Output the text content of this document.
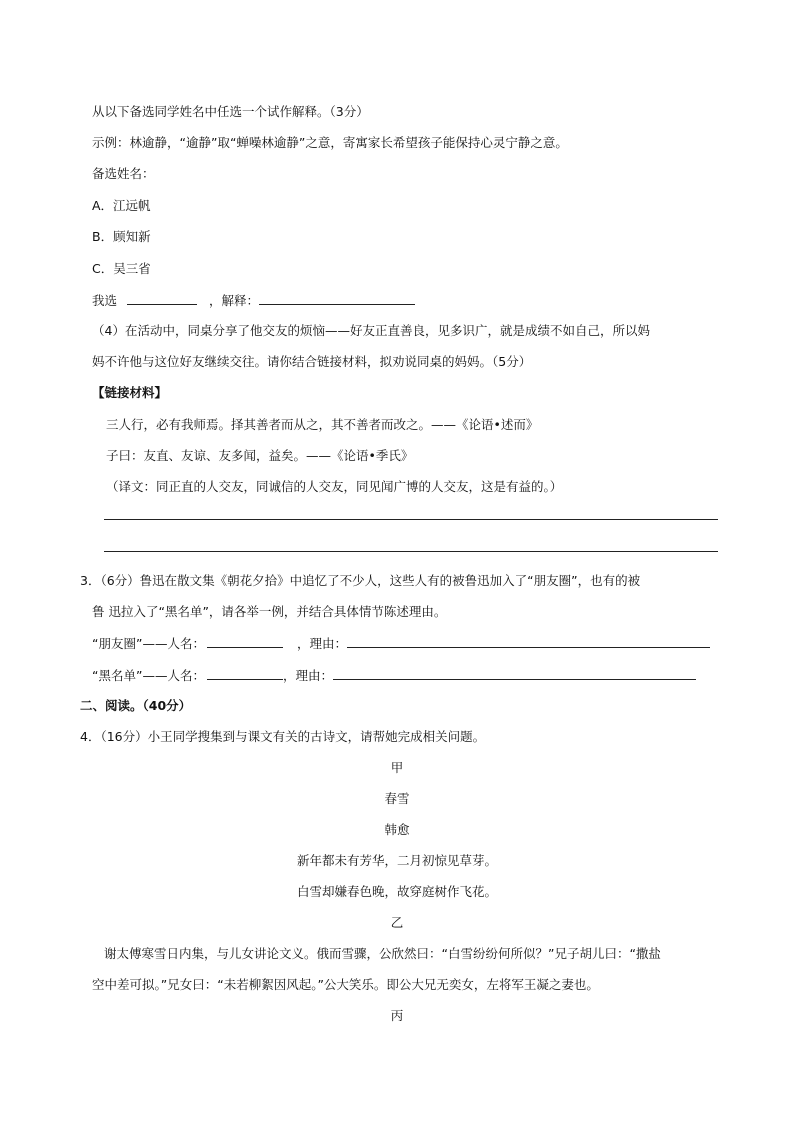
从以下备选同学姓名中任选一个试作解释。（3分）
示例：林逾静，“逾静”取“蝉噪林逾静”之意，寄寓家长希望孩子能保持心灵宁静之意。
备选姓名：
A．江远帆
B．顾知新
C．吴三省
我选	，解释：
（4）在活动中，同桌分享了他交友的烦恼——好友正直善良，见多识广，就是成绩不如自己，所以妈
妈不许他与这位好友继续交往。请你结合链接材料，拟劝说同桌的妈妈。（5分）
【链接材料】
三人行，必有我师焉。择其善者而从之，其不善者而改之。——《论语•述而》
子曰：友直、友谅、友多闻，益矣。——《论语•季氏》
（译文：同正直的人交友，同诚信的人交友，同见闻广博的人交友，这是有益的。）
3．（6分）鲁迅在散文集《朝花夕拾》中追忆了不少人，这些人有的被鲁迅加入了“朋友圈”，也有的被
鲁 迅拉入了“黑名单”，请各举一例，并结合具体情节陈述理由。
“朋友圈”——人名：	，理由：
“黑名单”——人名：	，理由：
二、阅读。（40分）
4．（16分）小王同学搜集到与课文有关的古诗文，请帮她完成相关问题。
甲
春雪
韩愈
新年都未有芳华，二月初惊见草芽。
白雪却嫌春色晚，故穿庭树作飞花。
乙
谢太傅寒雪日内集，与儿女讲论文义。俄而雪骤，公欣然曰：“白雪纷纷何所似？”兄子胡儿曰：“撒盐
空中差可拟。”兄女曰：“未若柳絮因风起。”公大笑乐。即公大兄无奕女，左将军王凝之妻也。
丙
